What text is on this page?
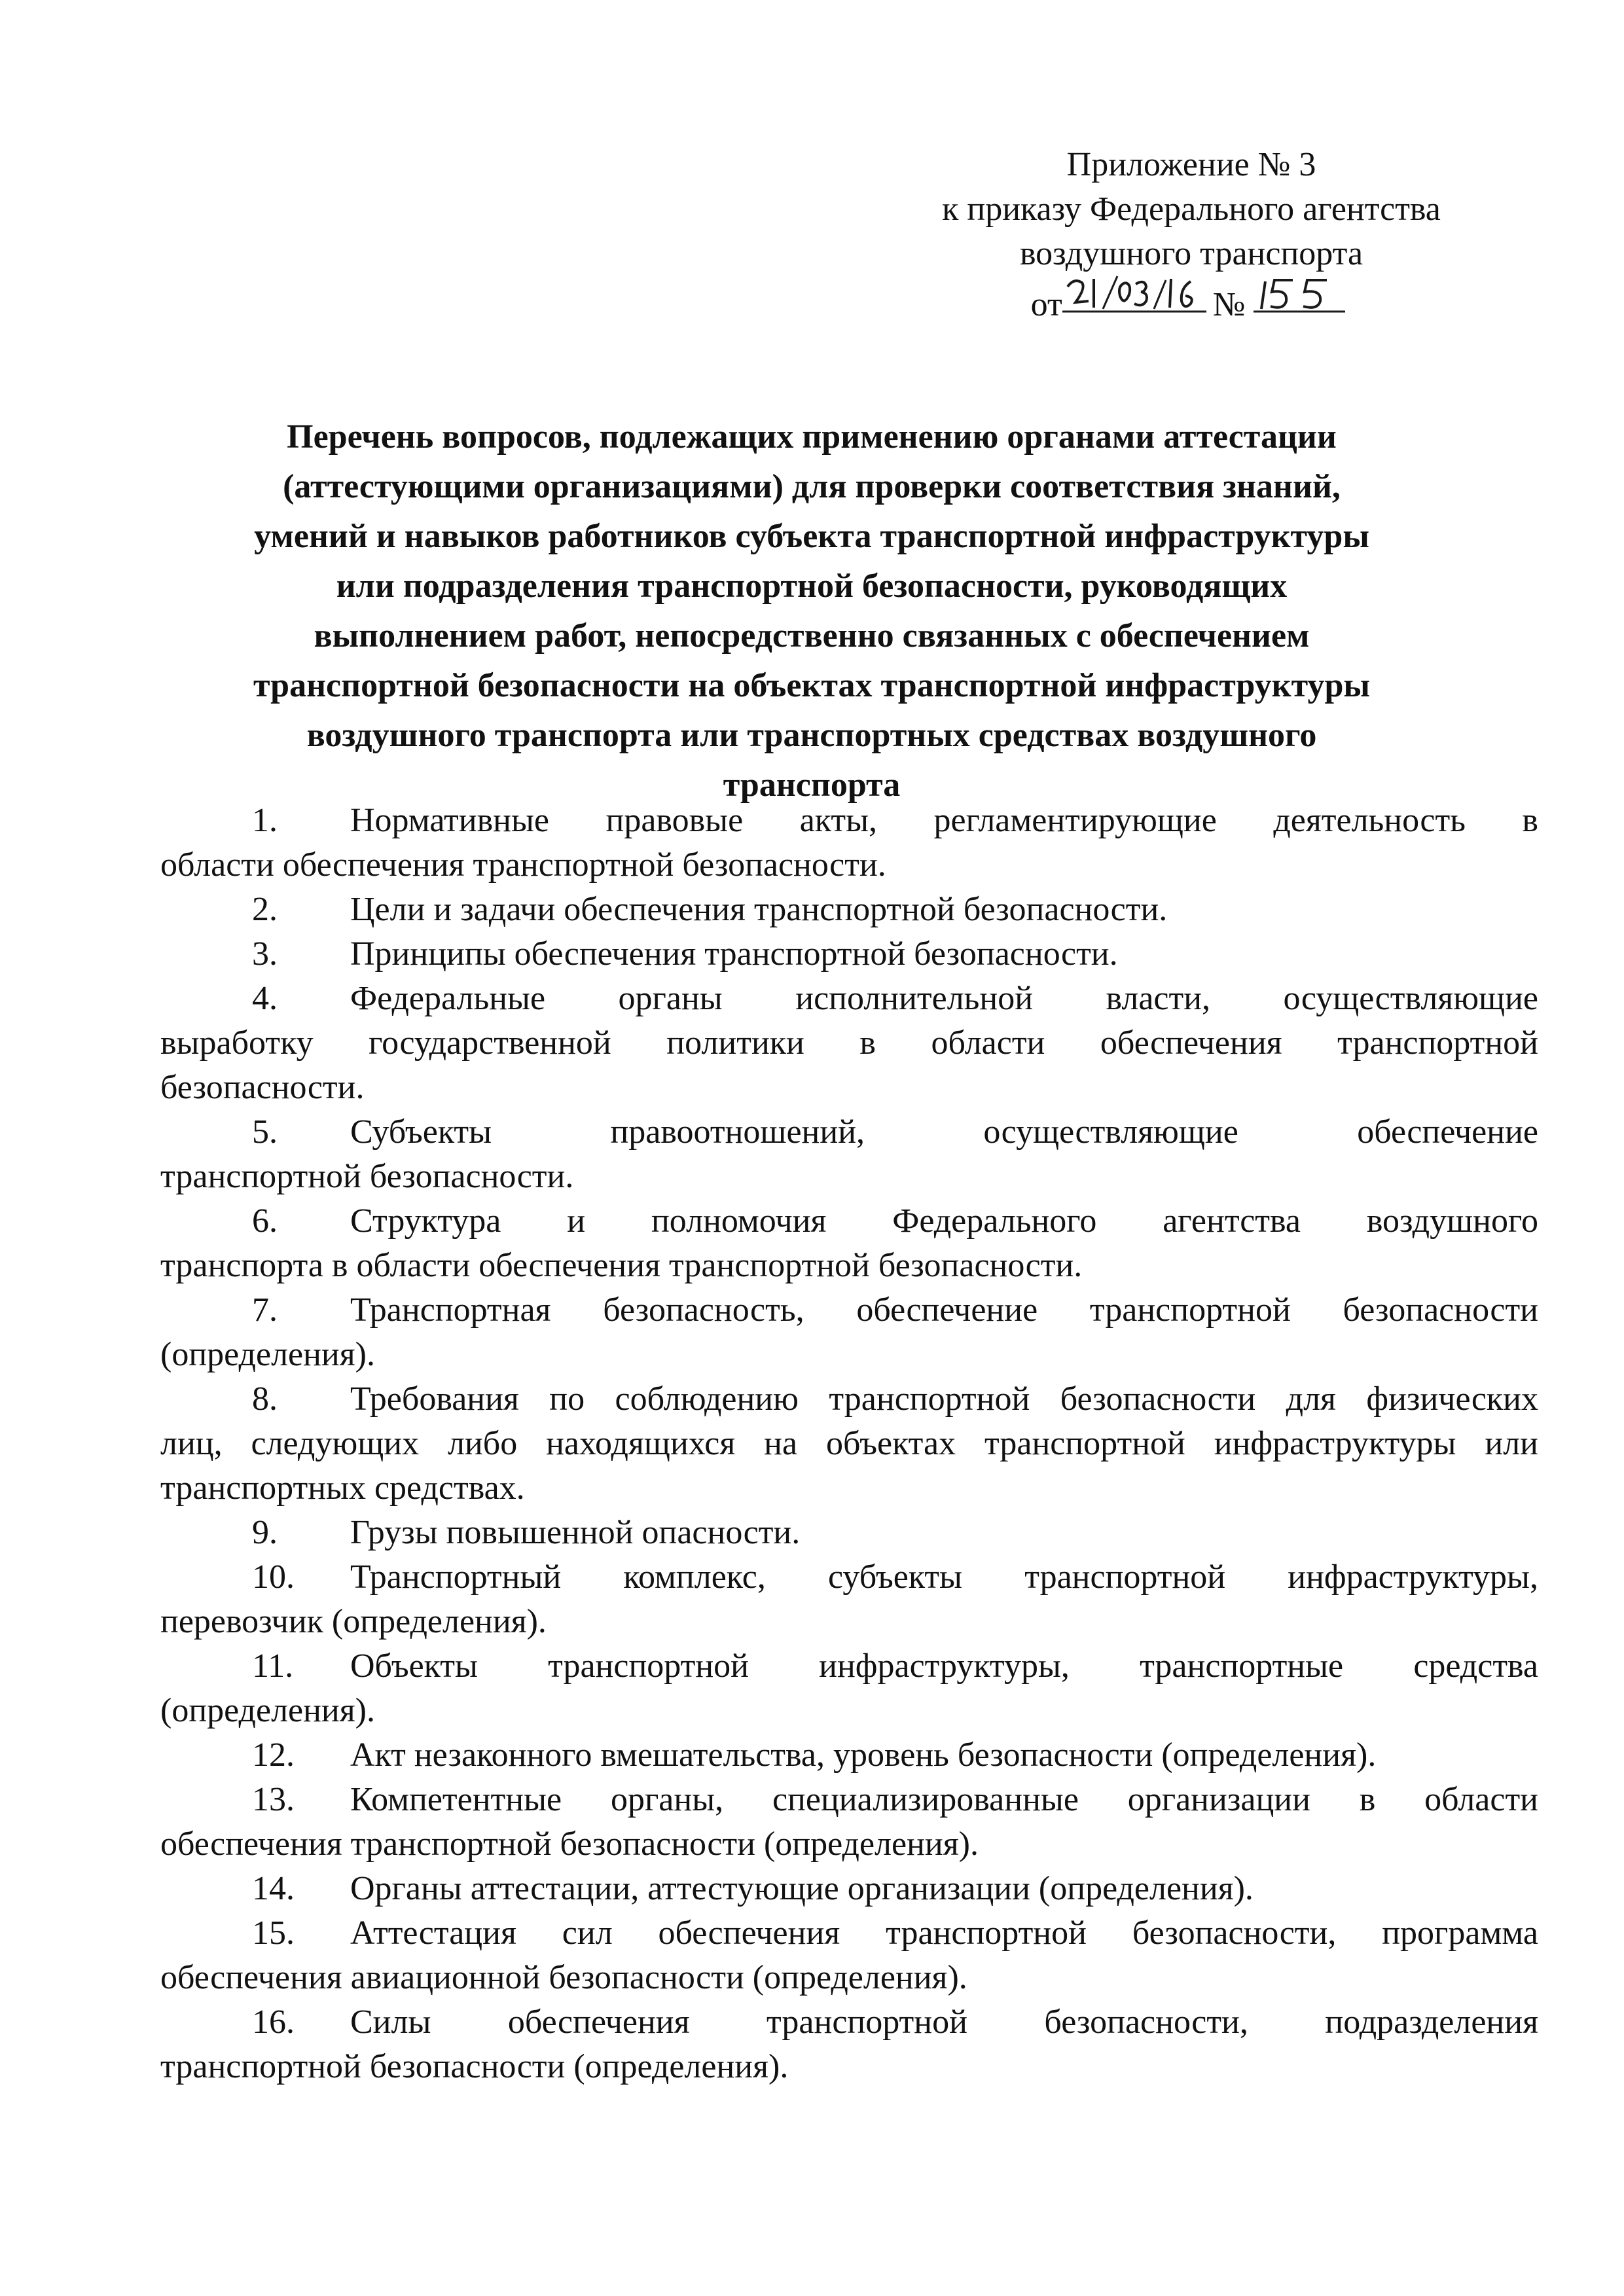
Приложение № 3
к приказу Федерального агентства
воздушного транспорта
от	№
Перечень вопросов, подлежащих применению органами аттестации
(аттестующими организациями) для проверки соответствия знаний,
умений и навыков работников субъекта транспортной инфраструктуры
или подразделения транспортной безопасности, руководящих
выполнением работ, непосредственно связанных с обеспечением
транспортной безопасности на объектах транспортной инфраструктуры
воздушного транспорта или транспортных средствах воздушного
транспорта
1.	Нормативные правовые акты, регламентирующие деятельность в
области обеспечения транспортной безопасности.
2.	Цели и задачи обеспечения транспортной безопасности.
3.	Принципы обеспечения транспортной безопасности.
4.	Федеральные органы исполнительной власти, осуществляющие
выработку государственной политики в области обеспечения транспортной
безопасности.
5.	Субъекты правоотношений, осуществляющие обеспечение
транспортной безопасности.
6.	Структура и полномочия Федерального агентства воздушного
транспорта в области обеспечения транспортной безопасности.
7.	Транспортная безопасность, обеспечение транспортной безопасности
(определения).
8.	Требования по соблюдению транспортной безопасности для физических
лиц, следующих либо находящихся на объектах транспортной инфраструктуры или
транспортных средствах.
9.	Грузы повышенной опасности.
10.	Транспортный комплекс, субъекты транспортной инфраструктуры,
перевозчик (определения).
11.	Объекты транспортной инфраструктуры, транспортные средства
(определения).
12.	Акт незаконного вмешательства, уровень безопасности (определения).
13.	Компетентные органы, специализированные организации в области
обеспечения транспортной безопасности (определения).
14.	Органы аттестации, аттестующие организации (определения).
15.	Аттестация сил обеспечения транспортной безопасности, программа
обеспечения авиационной безопасности (определения).
16.	Силы обеспечения транспортной безопасности, подразделения
транспортной безопасности (определения).
